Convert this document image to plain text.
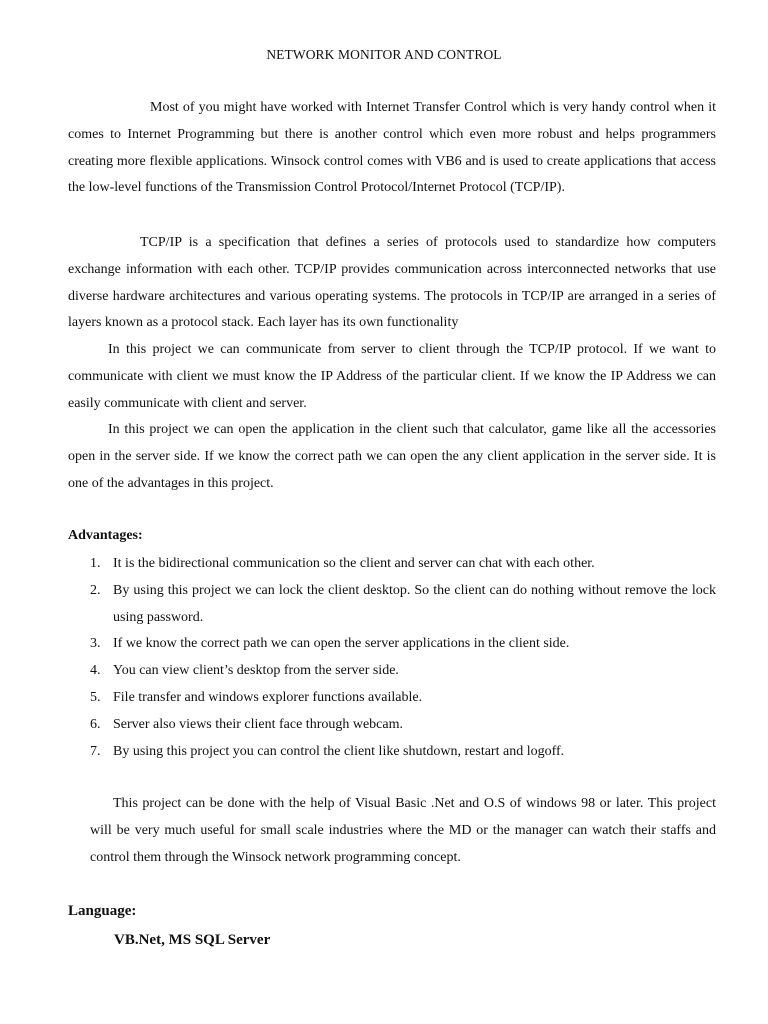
NETWORK MONITOR AND CONTROL

Most of you might have worked with Internet Transfer Control which is very handy control when it comes to Internet Programming but there is another control which even more robust and helps programmers creating more flexible applications. Winsock control comes with VB6 and is used to create applications that access the low-level functions of the Transmission Control Protocol/Internet Protocol (TCP/IP).

TCP/IP is a specification that defines a series of protocols used to standardize how computers exchange information with each other. TCP/IP provides communication across interconnected networks that use diverse hardware architectures and various operating systems. The protocols in TCP/IP are arranged in a series of layers known as a protocol stack. Each layer has its own functionality

In this project we can communicate from server to client through the TCP/IP protocol. If we want to communicate with client we must know the IP Address of the particular client. If we know the IP Address we can easily communicate with client and server.

In this project we can open the application in the client such that calculator, game like all the accessories open in the server side. If we know the correct path we can open the any client application in the server side. It is one of the advantages in this project.

Advantages:
1. It is the bidirectional communication so the client and server can chat with each other.
2. By using this project we can lock the client desktop. So the client can do nothing without remove the lock using password.
3. If we know the correct path we can open the server applications in the client side.
4. You can view client’s desktop from the server side.
5. File transfer and windows explorer functions available.
6. Server also views their client face through webcam.
7. By using this project you can control the client like shutdown, restart and logoff.

This project can be done with the help of Visual Basic .Net and O.S of windows 98 or later. This project will be very much useful for small scale industries where the MD or the manager can watch their staffs and control them through the Winsock network programming concept.

Language:
VB.Net, MS SQL Server
